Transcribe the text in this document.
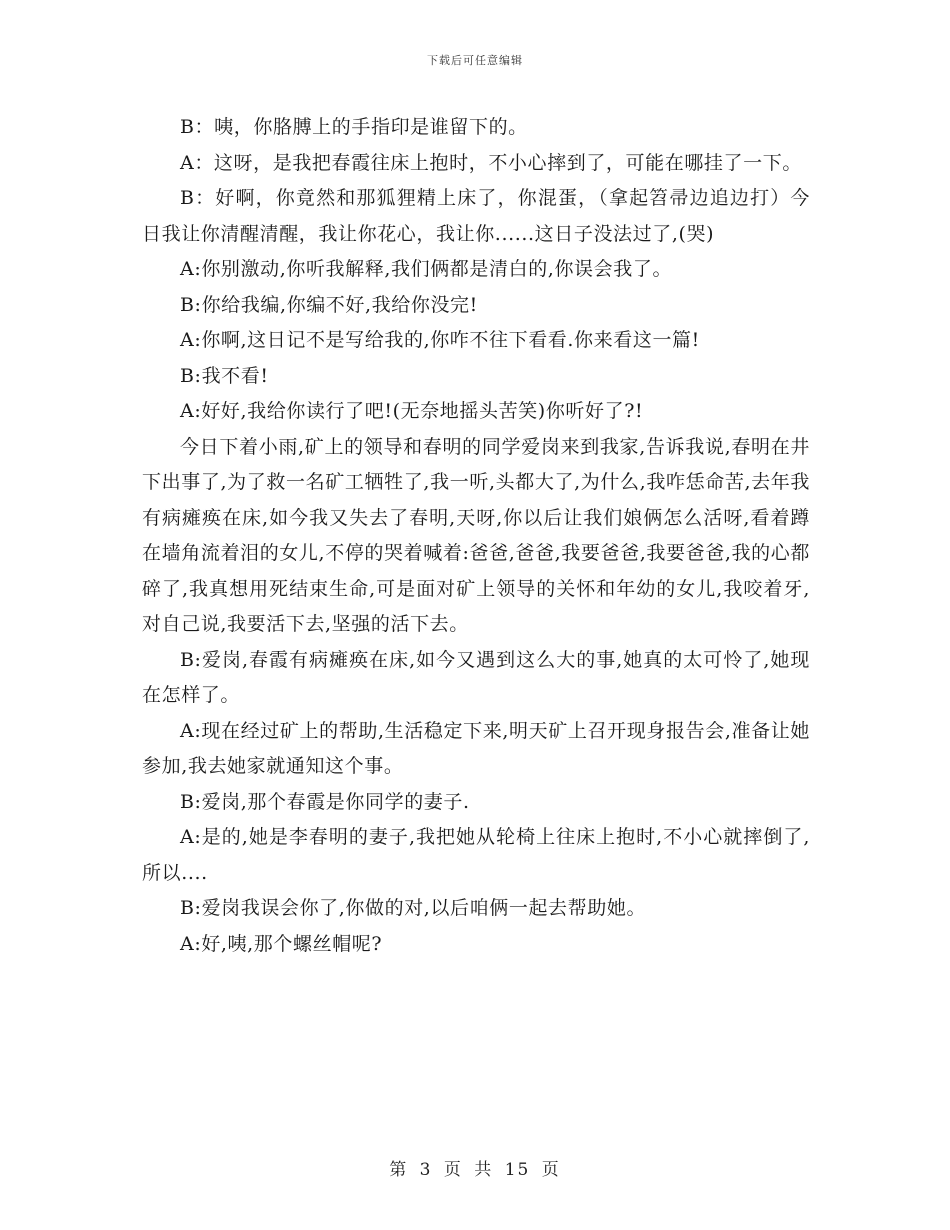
下载后可任意编辑

B：咦，你胳膊上的手指印是谁留下的。

A：这呀，是我把春霞往床上抱时，不小心摔到了，可能在哪挂了一下。

B：好啊，你竟然和那狐狸精上床了，你混蛋，（拿起笤帚边追边打）今日我让你清醒清醒，我让你花心，我让你......这日子没法过了,(哭)

A:你别激动,你听我解释,我们俩都是清白的,你误会我了。

B:你给我编,你编不好,我给你没完!

A:你啊,这日记不是写给我的,你咋不往下看看.你来看这一篇!

B:我不看!

A:好好,我给你读行了吧!(无奈地摇头苦笑)你听好了?!

今日下着小雨,矿上的领导和春明的同学爱岗来到我家,告诉我说,春明在井下出事了,为了救一名矿工牺牲了,我一听,头都大了,为什么,我咋恁命苦,去年我有病瘫痪在床,如今我又失去了春明,天呀,你以后让我们娘俩怎么活呀,看着蹲在墙角流着泪的女儿,不停的哭着喊着:爸爸,爸爸,我要爸爸,我要爸爸,我的心都碎了,我真想用死结束生命,可是面对矿上领导的关怀和年幼的女儿,我咬着牙,对自己说,我要活下去,坚强的活下去。

B:爱岗,春霞有病瘫痪在床,如今又遇到这么大的事,她真的太可怜了,她现在怎样了。

A:现在经过矿上的帮助,生活稳定下来,明天矿上召开现身报告会,准备让她参加,我去她家就通知这个事。

B:爱岗,那个春霞是你同学的妻子.

A:是的,她是李春明的妻子,我把她从轮椅上往床上抱时,不小心就摔倒了,所以....

B:爱岗我误会你了,你做的对,以后咱俩一起去帮助她。

A:好,咦,那个螺丝帽呢?

第 3 页 共 15 页
